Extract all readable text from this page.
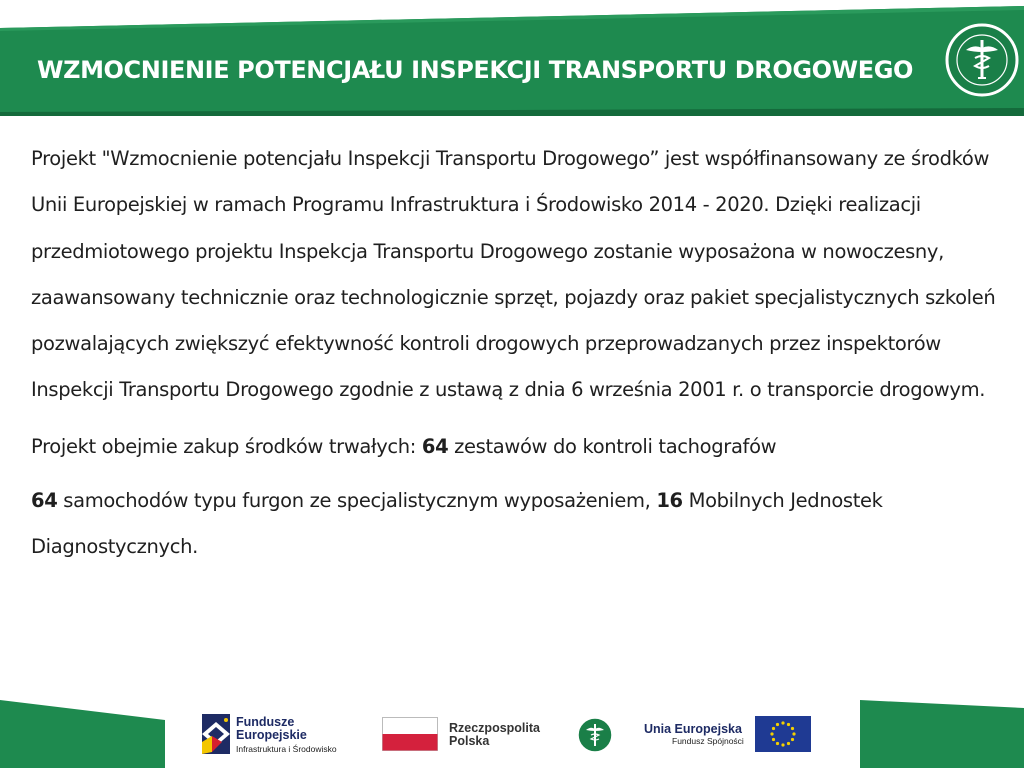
WZMOCNIENIE POTENCJAŁU INSPEKCJI TRANSPORTU DROGOWEGO

Projekt "Wzmocnienie potencjału Inspekcji Transportu Drogowego” jest współfinansowany ze środków Unii Europejskiej w ramach Programu Infrastruktura i Środowisko 2014 - 2020. Dzięki realizacji przedmiotowego projektu Inspekcja Transportu Drogowego zostanie wyposażona w nowoczesny, zaawansowany technicznie oraz technologicznie sprzęt, pojazdy oraz pakiet specjalistycznych szkoleń pozwalających zwiększyć efektywność kontroli drogowych przeprowadzanych przez inspektorów Inspekcji Transportu Drogowego zgodnie z ustawą z dnia 6 września 2001 r. o transporcie drogowym.

Projekt obejmie zakup środków trwałych: 64 zestawów do kontroli tachografów

64 samochodów typu furgon ze specjalistycznym wyposażeniem, 16 Mobilnych Jednostek Diagnostycznych.

Fundusze
Europejskie
Infrastruktura i Środowisko
Rzeczpospolita
Polska
Unia Europejska
Fundusz Spójności
